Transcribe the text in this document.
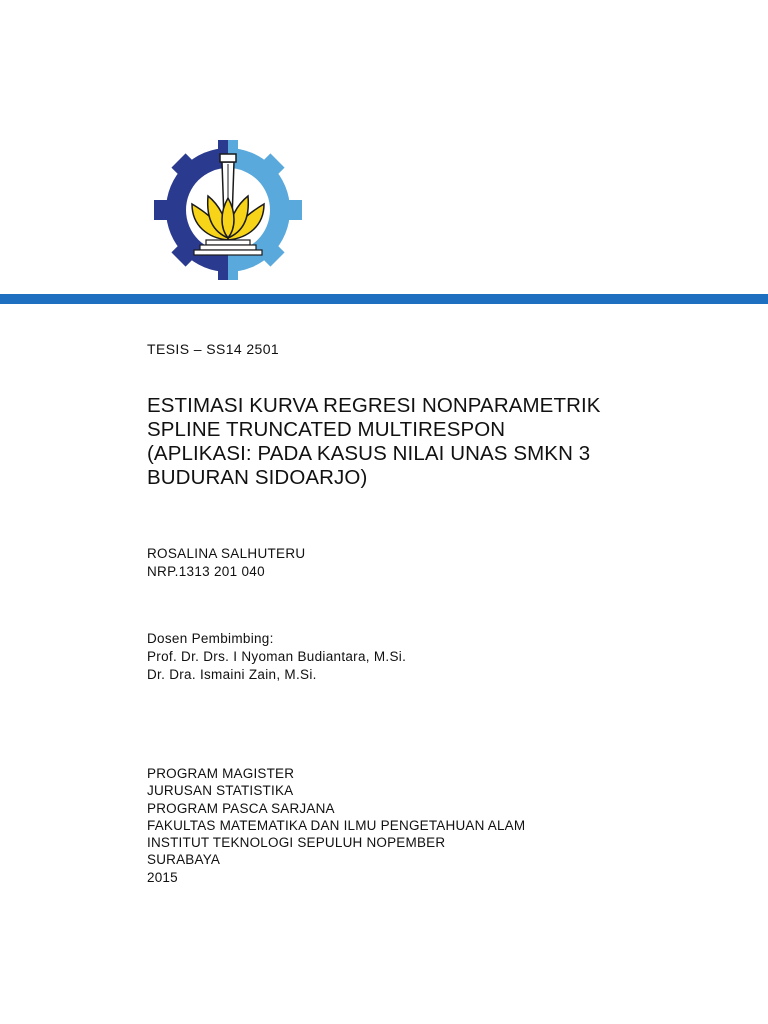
TESIS – SS14 2501
ESTIMASI KURVA REGRESI NONPARAMETRIK
SPLINE TRUNCATED MULTIRESPON
(APLIKASI: PADA KASUS NILAI UNAS SMKN 3
BUDURAN SIDOARJO)
ROSALINA SALHUTERU
NRP.1313 201 040
Dosen Pembimbing:
Prof. Dr. Drs. I Nyoman Budiantara, M.Si.
Dr. Dra. Ismaini Zain, M.Si.
PROGRAM MAGISTER
JURUSAN STATISTIKA
PROGRAM PASCA SARJANA
FAKULTAS MATEMATIKA DAN ILMU PENGETAHUAN ALAM
INSTITUT TEKNOLOGI SEPULUH NOPEMBER
SURABAYA
2015
